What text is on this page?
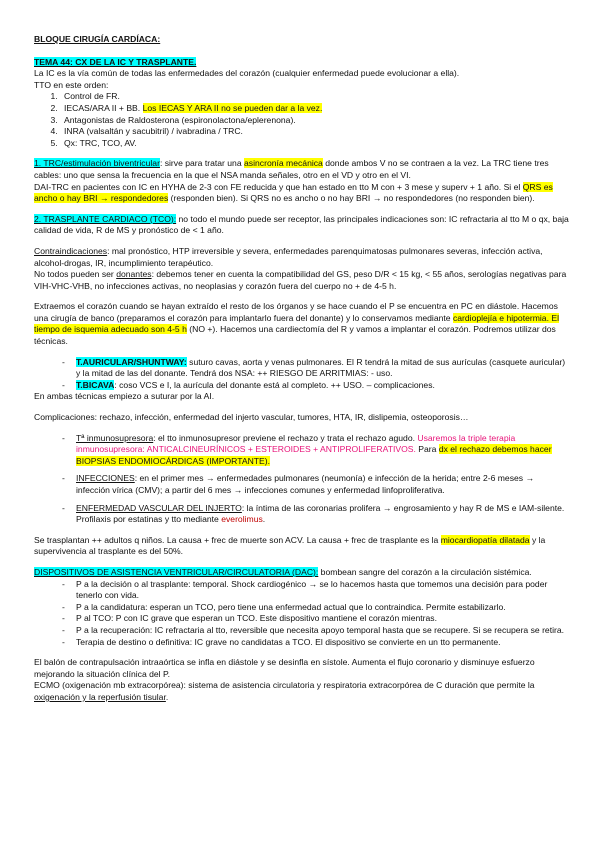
BLOQUE CIRUGÍA CARDÍACA:

TEMA 44: CX DE LA IC Y TRASPLANTE.

La IC es la vía común de todas las enfermedades del corazón (cualquier enfermedad puede evolucionar a ella).

TTO en este orden:

1. Control de FR.
2. IECAS/ARA II + BB. Los IECAS Y ARA II no se pueden dar a la vez.
3. Antagonistas de Raldosterona (espironolactona/eplerenona).
4. INRA (valsaltán y sacubitril) / ivabradina / TRC.
5. Qx: TRC, TCO, AV.

1. TRC/estimulación biventricular: sirve para tratar una asincronía mecánica donde ambos V no se contraen a la vez. La TRC tiene tres cables: uno que sensa la frecuencia en la que el NSA manda señales, otro en el VD y otro en el VI.

DAI-TRC en pacientes con IC en HYHA de 2-3 con FE reducida y que han estado en tto M con + 3 mese y superv + 1 año. Si el QRS es ancho o hay BRI → respondedores (responden bien). Si QRS no es ancho o no hay BRI → no respondedores (no responden bien).

2. TRASPLANTE CARDIACO (TCO): no todo el mundo puede ser receptor, las principales indicaciones son: IC refractaria al tto M o qx, baja calidad de vida, R de MS y pronóstico de < 1 año.

Contraindicaciones: mal pronóstico, HTP irreversible y severa, enfermedades parenquimatosas pulmonares severas, infección activa, alcohol-drogas, IR, incumplimiento terapéutico.

No todos pueden ser donantes: debemos tener en cuenta la compatibilidad del GS, peso D/R < 15 kg, < 55 años, serologías negativas para VIH-VHC-VHB, no infecciones activas, no neoplasias y corazón fuera del cuerpo no + de 4-5 h.

Extraemos el corazón cuando se hayan extraído el resto de los órganos y se hace cuando el P se encuentra en PC en diástole. Hacemos una cirugía de banco (preparamos el corazón para implantarlo fuera del donante) y lo conservamos mediante cardioplejía e hipotermia. El tiempo de isquemia adecuado son 4-5 h (NO +). Hacemos una cardiectomía del R y vamos a implantar el corazón. Podremos utilizar dos técnicas.

- T.AURICULAR/SHUNTWAY: suturo cavas, aorta y venas pulmonares. El R tendrá la mitad de sus aurículas (casquete auricular) y la mitad de las del donante. Tendrá dos NSA: ++ RIESGO DE ARRITMIAS: - uso.
- T.BICAVA: coso VCS e I, la aurícula del donante está al completo. ++ USO. – complicaciones.

En ambas técnicas empiezo a suturar por la AI.

Complicaciones: rechazo, infección, enfermedad del injerto vascular, tumores, HTA, IR, dislipemia, osteoporosis…

- Tª inmunosupresora: el tto inmunosupresor previene el rechazo y trata el rechazo agudo. Usaremos la triple terapia inmunosupresora: ANTICALCINEURÍNICOS + ESTEROIDES + ANTIPROLIFERATIVOS. Para dx el rechazo debemos hacer BIOPSIAS ENDOMIOCÁRDICAS (IMPORTANTE).
- INFECCIONES: en el primer mes → enfermedades pulmonares (neumonía) e infección de la herida; entre 2-6 meses → infección vírica (CMV); a partir del 6 mes → infecciones comunes y enfermedad linfoproliferativa.
- ENFERMEDAD VASCULAR DEL INJERTO: la íntima de las coronarias prolifera → engrosamiento y hay R de MS e IAM-silente. Profilaxis por estatinas y tto mediante everolimus.

Se trasplantan ++ adultos q niños. La causa + frec de muerte son ACV. La causa + frec de trasplante es la miocardiopatía dilatada y la supervivencia al trasplante es del 50%.

DISPOSITIVOS DE ASISTENCIA VENTRICULAR/CIRCULATORIA (DAC): bombean sangre del corazón a la circulación sistémica.

- P a la decisión o al trasplante: temporal. Shock cardiogénico → se lo hacemos hasta que tomemos una decisión para poder tenerlo con vida.
- P a la candidatura: esperan un TCO, pero tiene una enfermedad actual que lo contraindica. Permite estabilizarlo.
- P al TCO: P con IC grave que esperan un TCO. Este dispositivo mantiene el corazón mientras.
- P a la recuperación: IC refractaria al tto, reversible que necesita apoyo temporal hasta que se recupere. Si se recupera se retira.
- Terapia de destino o definitiva: IC grave no candidatas a TCO. El dispositivo se convierte en un tto permanente.

El balón de contrapulsación intraaórtica se infla en diástole y se desinfla en sístole. Aumenta el flujo coronario y disminuye esfuerzo mejorando la situación clínica del P.

ECMO (oxigenación mb extracorpórea): sistema de asistencia circulatoria y respiratoria extracorpórea de C duración que permite la oxigenación y la reperfusión tisular.
